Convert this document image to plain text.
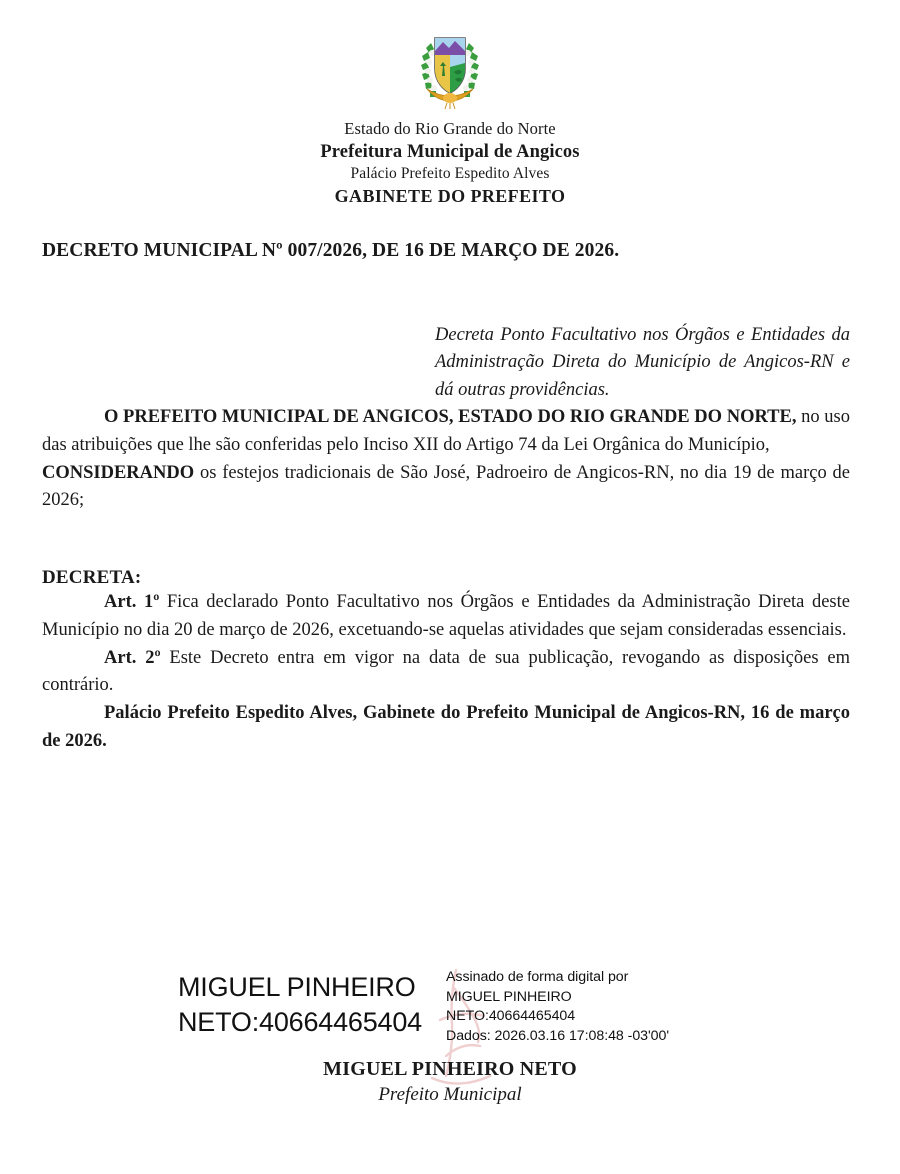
Estado do Rio Grande do Norte
Prefeitura Municipal de Angicos
Palácio Prefeito Espedito Alves
GABINETE DO PREFEITO
DECRETO MUNICIPAL Nº 007/2026, DE 16 DE MARÇO DE 2026.
Decreta Ponto Facultativo nos Órgãos e Entidades da Administração Direta do Município de Angicos-RN e dá outras providências.

O PREFEITO MUNICIPAL DE ANGICOS, ESTADO DO RIO GRANDE DO NORTE, no uso das atribuições que lhe são conferidas pelo Inciso XII do Artigo 74 da Lei Orgânica do Município,

CONSIDERANDO os festejos tradicionais de São José, Padroeiro de Angicos-RN, no dia 19 de março de 2026;

DECRETA:

Art. 1º Fica declarado Ponto Facultativo nos Órgãos e Entidades da Administração Direta deste Município no dia 20 de março de 2026, excetuando-se aquelas atividades que sejam consideradas essenciais.

Art. 2º Este Decreto entra em vigor na data de sua publicação, revogando as disposições em contrário.

Palácio Prefeito Espedito Alves, Gabinete do Prefeito Municipal de Angicos-RN, 16 de março de 2026.

MIGUEL PINHEIRO
NETO:40664465404
Assinado de forma digital por
MIGUEL PINHEIRO
NETO:40664465404
Dados: 2026.03.16 17:08:48 -03'00'
MIGUEL PINHEIRO NETO
Prefeito Municipal
